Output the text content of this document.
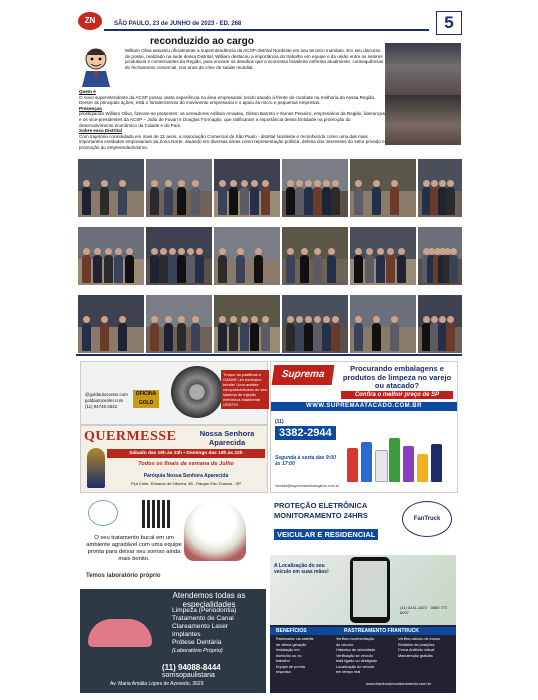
ZN	SÃO PAULO, 23 de JUNHO de 2023 - ED. 268	5
reconduzido ao cargo
William Oliva assumiu oficialmente a superintendência da ACSP-distrital Nordeste em seu terceiro mandato. Em seu discurso de posse, realizado na sede dessa Distrital, William destacou a importância do trabalho em equipe e da união entre os setores produtivos e comerciantes da Região, para encarar os desafios que a economia brasileira enfrenta atualmente, consequências do fechamento comercial, nos anos de crise de saúde mundial.
Quem é
O novo superintendente da ACSP possui vasta experiência na área empresarial, tendo atuado à frente do combate na melhoria da nossa Região. Dentre as principais ações, está o fortalecimento do movimento empresarial e o apoio às micro e pequenas empresas.
Presenças
prestigiando William Oliva, fizeram-se presentes: os vereadores Adilson Amadeu, Gilson Barreto e Nunes Peixeiro, empresários da Região, lideranças e os vice-presidentes da ACSP – João de Favari e Douglas Formaglio, que ratificaram a importância dessa Entidade na promoção do desenvolvimento econômico da Cidade e do País.
Sobre essa Distrital
Com trajetória consolidada em mais de 31 anos, a Associação Comercial de São Paulo - distrital Nordeste é reconhecida como uma das mais importantes entidades empresariais da Zona Norte, atuando em diversas áreas como representação política, defesa dos interesses do setor privado e promoção do empreendedorismo.
Troque as pastilhas e GANHE um exclusivo brinde! Uma análise computadorizada do seu sistema de injeção eletrônica totalmente GRÁTIS
OFICINA GOLD
@goldautocenter.com
goldautocenter.com
(11) 94745-2542
QUERMESSE	Nossa Senhora Aparecida
Sábado das 18h às 23h • Domingo das 18h às 22h
Todos os finais de semana de Julho
Paróquia Nossa Senhora Aparecida
Pça Cmte. Eduardo de Oliveira, 85 - Parque Edu Chaves - SP
O seu tratamento bucal em um ambiente agradável com uma equipe pronta para deixar seu sorriso ainda mais bonito.
Temos laboratório próprio
Atendemos todas as especialidades
Limpeza (Periodontia)
Tratamento de Canal
Clareamento Laser
Implantes
Prótese Dentária
(Laboratório Próprio)
(11) 94088-8444
sorrisopaulistana
Av. Maria Amália Lopes de Azevedo, 3629
Suprema
Procurando embalagens e produtos de limpeza no varejo ou atacado?
Confira o melhor preço de SP
WWW.SUPREMAATACADO.COM.BR
(11)
3382-2944
Segunda à sexta das 9:00 às 17:00
vendas@supremaembalagens.com.br
PROTEÇÃO ELETRÔNICA
MONITORAMENTO 24HRS
VEICULAR E RESIDENCIAL
FanTruck
A Localização do seu veículo em suas mãos!
(11) 3241-1872 · 0800 772 6007
BENEFÍCIOS	RASTREAMENTO FRANTRUCK
Rastreador via satélite
de última geração
Instalação em
domicílio ou no
trabalho
Equipe de pronta
resposta
Verifica movimentação
do veículo
Histórico de velocidade
Verificação se veículo
está ligado ou desligado
Localização do veículo
em tempo real
Verifica cálculo de busca
Relatório de posições
Cerca Antifurto virtual
Manutenção gratuita
www.frantruckmonitoramento.com.br
